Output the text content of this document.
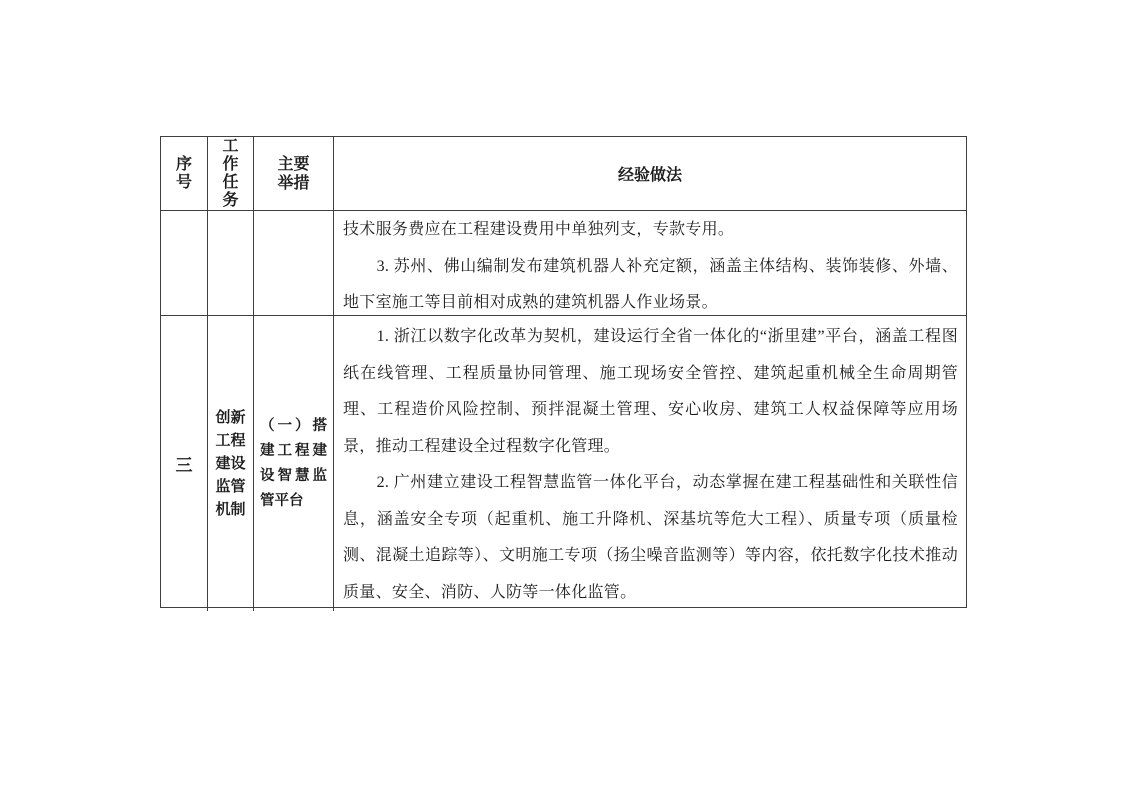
序号
工作任务
主要举措	经验做法

技术服务费应在工程建设费用中单独列支，专款专用。

3. 苏州、佛山编制发布建筑机器人补充定额，涵盖主体结构、装饰装修、外墙、地下室施工等目前相对成熟的建筑机器人作业场景。

三
创新工程建设监管机制
（一）搭建工程建设智慧监管平台

1. 浙江以数字化改革为契机，建设运行全省一体化的“浙里建”平台，涵盖工程图纸在线管理、工程质量协同管理、施工现场安全管控、建筑起重机械全生命周期管理、工程造价风险控制、预拌混凝土管理、安心收房、建筑工人权益保障等应用场景，推动工程建设全过程数字化管理。

2. 广州建立建设工程智慧监管一体化平台，动态掌握在建工程基础性和关联性信息，涵盖安全专项（起重机、施工升降机、深基坑等危大工程）、质量专项（质量检测、混凝土追踪等）、文明施工专项（扬尘噪音监测等）等内容，依托数字化技术推动质量、安全、消防、人防等一体化监管。
